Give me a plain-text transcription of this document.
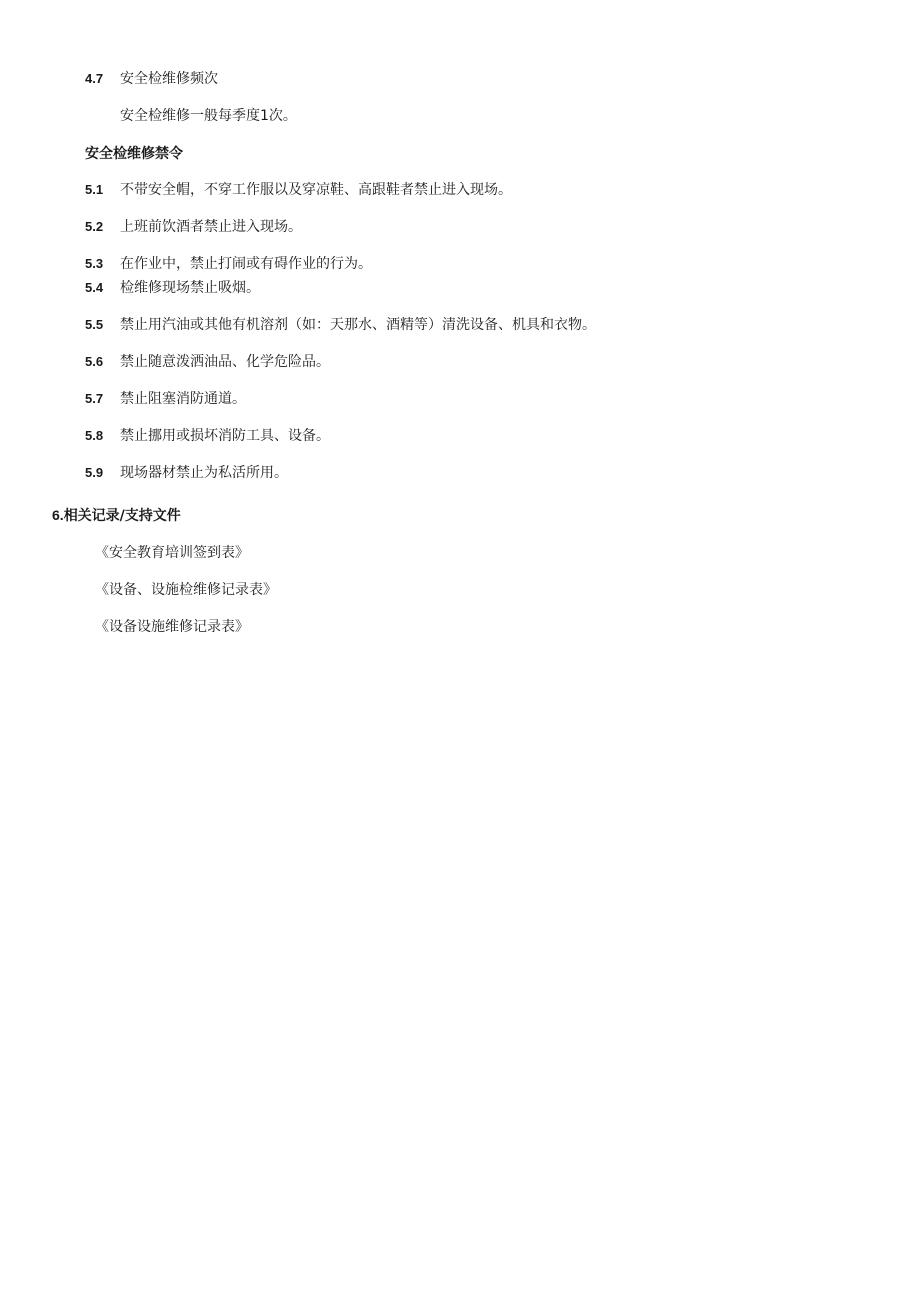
4.7 安全检维修频次
安全检维修一般每季度1次。
安全检维修禁令
5.1 不带安全帽，不穿工作服以及穿凉鞋、高跟鞋者禁止进入现场。
5.2 上班前饮酒者禁止进入现场。
5.3 在作业中，禁止打闹或有碍作业的行为。
5.4 检维修现场禁止吸烟。
5.5 禁止用汽油或其他有机溶剂（如：天那水、酒精等）清洗设备、机具和衣物。
5.6 禁止随意泼洒油品、化学危险品。
5.7 禁止阻塞消防通道。
5.8 禁止挪用或损坏消防工具、设备。
5.9 现场器材禁止为私活所用。
6.相关记录/支持文件
《安全教育培训签到表》
《设备、设施检维修记录表》
《设备设施维修记录表》
